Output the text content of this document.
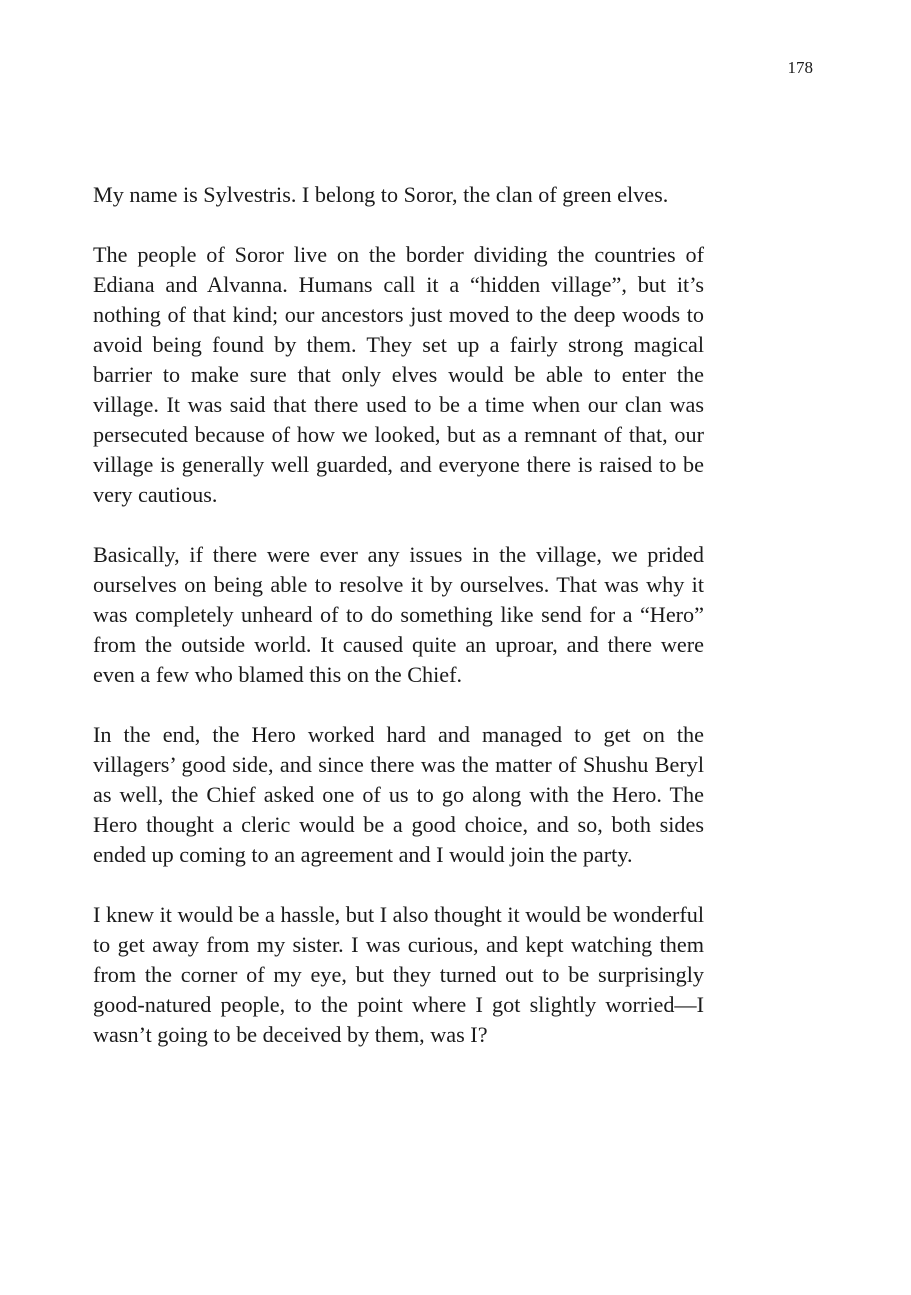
178

My name is Sylvestris. I belong to Soror, the clan of green elves.

The people of Soror live on the border dividing the countries of Ediana and Alvanna. Humans call it a “hidden village”, but it’s nothing of that kind; our ancestors just moved to the deep woods to avoid being found by them. They set up a fairly strong magical barrier to make sure that only elves would be able to enter the village. It was said that there used to be a time when our clan was persecuted because of how we looked, but as a remnant of that, our village is generally well guarded, and everyone there is raised to be very cautious.

Basically, if there were ever any issues in the village, we prided ourselves on being able to resolve it by ourselves. That was why it was completely unheard of to do something like send for a “Hero” from the outside world. It caused quite an uproar, and there were even a few who blamed this on the Chief.

In the end, the Hero worked hard and managed to get on the villagers’ good side, and since there was the matter of Shushu Beryl as well, the Chief asked one of us to go along with the Hero. The Hero thought a cleric would be a good choice, and so, both sides ended up coming to an agreement and I would join the party.

I knew it would be a hassle, but I also thought it would be wonderful to get away from my sister. I was curious, and kept watching them from the corner of my eye, but they turned out to be surprisingly good-natured people, to the point where I got slightly worried—I wasn’t going to be deceived by them, was I?
